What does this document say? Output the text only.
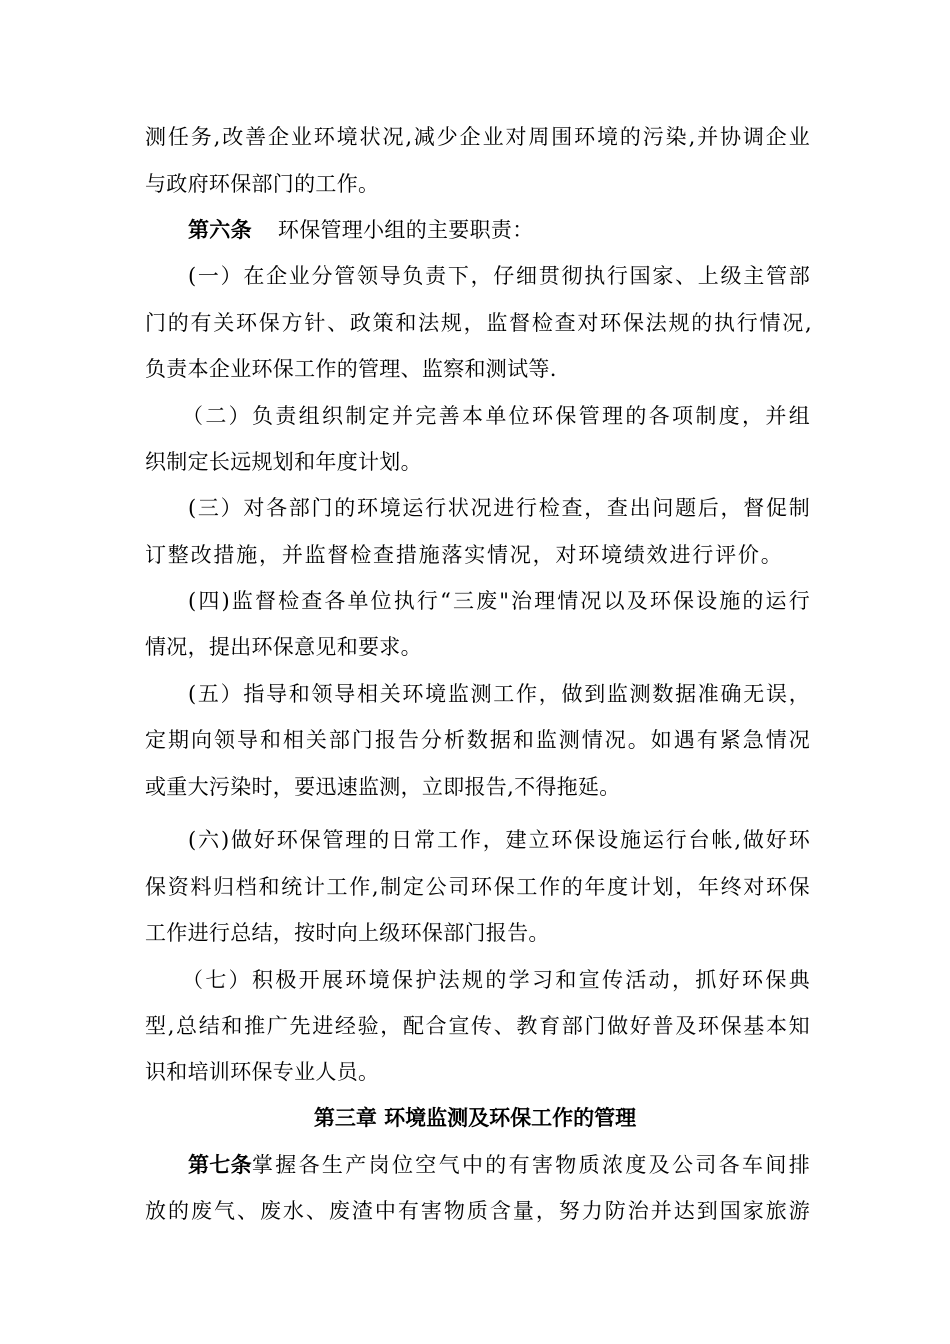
测任务,改善企业环境状况,减少企业对周围环境的污染,并协调企业
与政府环保部门的工作。
第六条 环保管理小组的主要职责：
(一）在企业分管领导负责下，仔细贯彻执行国家、上级主管部
门的有关环保方针、政策和法规，监督检查对环保法规的执行情况,
负责本企业环保工作的管理、监察和测试等.
（二）负责组织制定并完善本单位环保管理的各项制度，并组
织制定长远规划和年度计划。
(三）对各部门的环境运行状况进行检查，查出问题后，督促制
订整改措施，并监督检查措施落实情况，对环境绩效进行评价。
(四)监督检查各单位执行“三废"治理情况以及环保设施的运行
情况，提出环保意见和要求。
(五）指导和领导相关环境监测工作，做到监测数据准确无误，
定期向领导和相关部门报告分析数据和监测情况。如遇有紧急情况
或重大污染时，要迅速监测，立即报告,不得拖延。
(六)做好环保管理的日常工作，建立环保设施运行台帐,做好环
保资料归档和统计工作,制定公司环保工作的年度计划，年终对环保
工作进行总结，按时向上级环保部门报告。
（七）积极开展环境保护法规的学习和宣传活动，抓好环保典
型,总结和推广先进经验，配合宣传、教育部门做好普及环保基本知
识和培训环保专业人员。
第三章 环境监测及环保工作的管理
第七条 掌握各生产岗位空气中的有害物质浓度及公司各车间排
放的废气、废水、废渣中有害物质含量，努力防治并达到国家旅游
